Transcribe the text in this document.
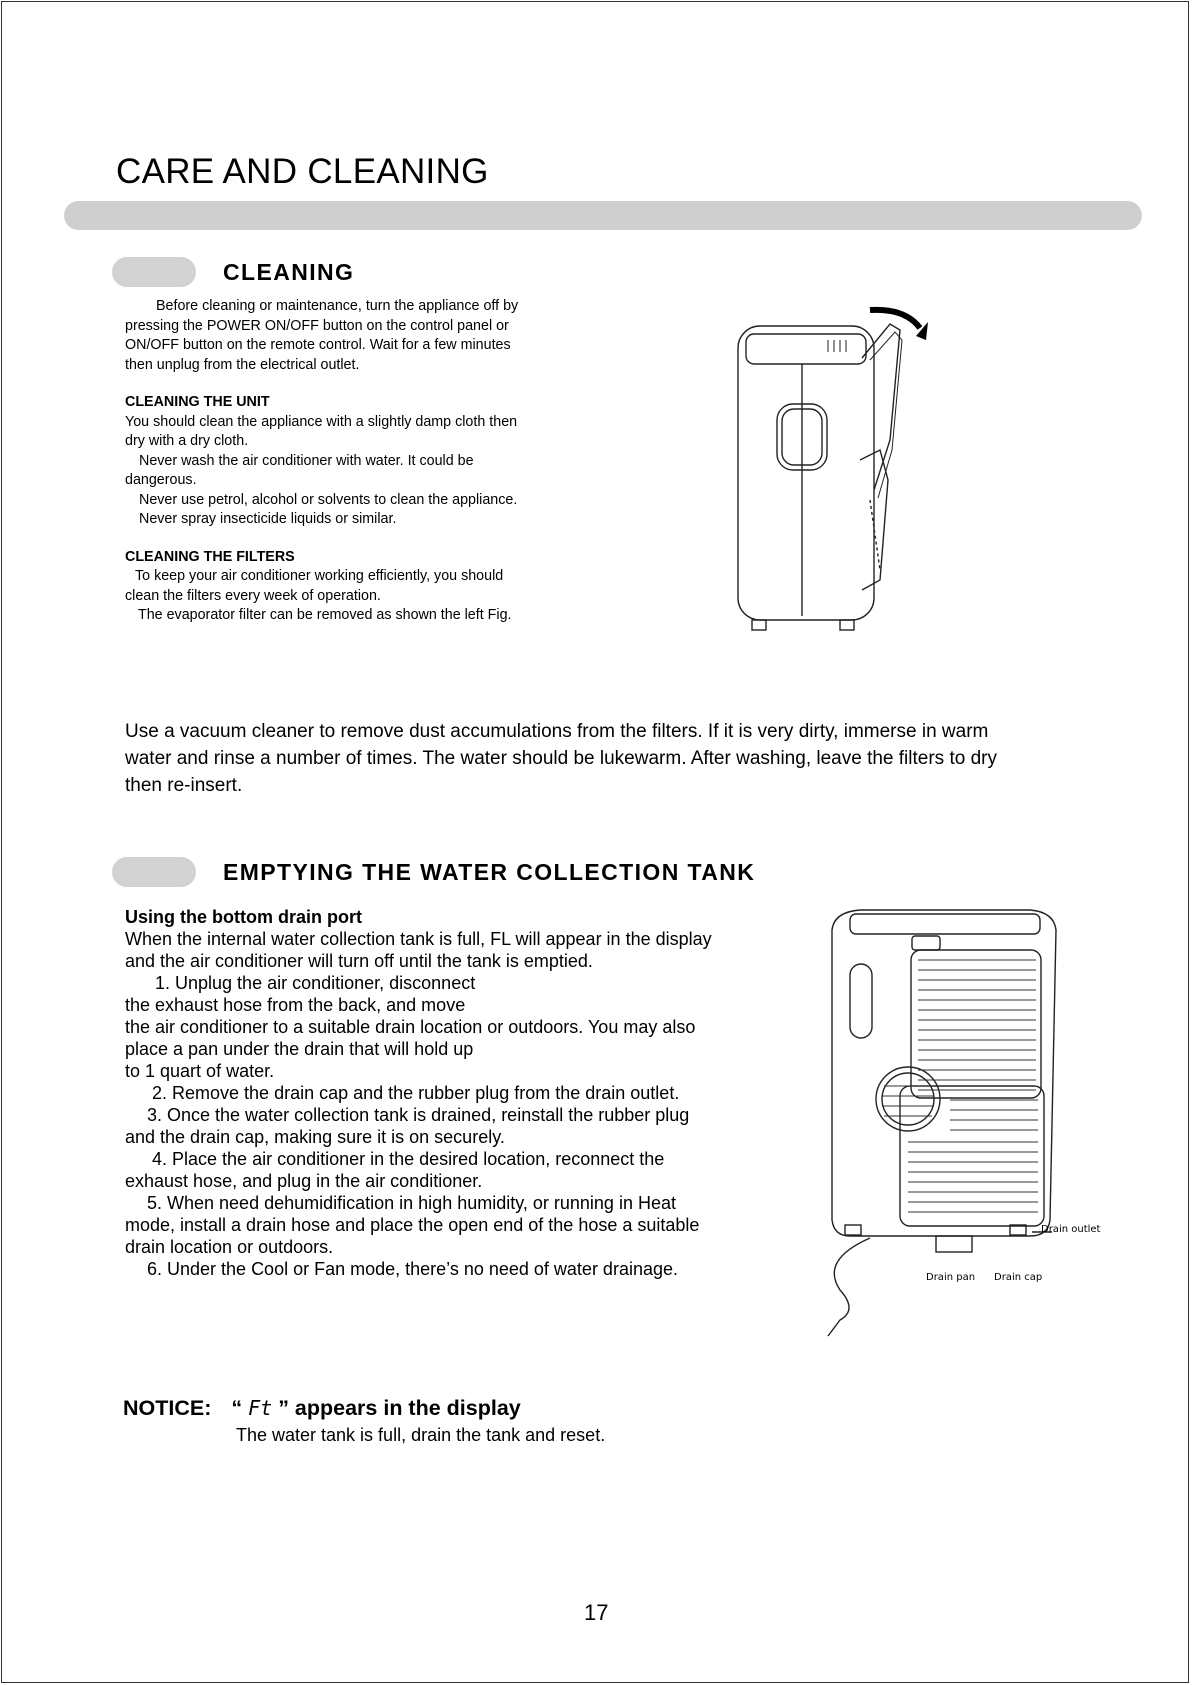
CARE AND CLEANING
CLEANING

Before cleaning or maintenance, turn the appliance off by

pressing the POWER ON/OFF button on the control panel or

ON/OFF button on the remote control. Wait for a few minutes

then unplug from the electrical outlet.

CLEANING THE UNIT

You should clean the appliance with a slightly damp cloth then

dry with a dry cloth.

Never wash the air conditioner with water. It could be

dangerous.

Never use petrol, alcohol or solvents to clean the appliance.

Never spray insecticide liquids or similar.

CLEANING THE FILTERS

To keep your air conditioner working efficiently, you should

clean the filters every week of operation.

The evaporator filter can be removed as shown the left Fig.

Use a vacuum cleaner to remove dust accumulations from the filters. If it is very dirty, immerse in warm
water and rinse a number of times. The water should be lukewarm. After washing, leave the filters to dry
then re-insert.
EMPTYING THE WATER COLLECTION TANK

Using the bottom drain port

When the internal water collection tank is full, FL will appear in the display

and the air conditioner will turn off until the tank is emptied.

1. Unplug the air conditioner, disconnect

the exhaust hose from the back, and move

the air conditioner to a suitable drain location or outdoors. You may also

place a pan under the drain that will hold up

to 1 quart of water.

2. Remove the drain cap and the rubber plug from the drain outlet.

3. Once the water collection tank is drained, reinstall the rubber plug

and the drain cap, making sure it is on securely.

4. Place the air conditioner in the desired location, reconnect the

exhaust hose, and plug in the air conditioner.

5. When need dehumidification in high humidity, or running in Heat

mode, install a drain hose and place the open end of the hose a suitable

drain location or outdoors.

6. Under the Cool or Fan mode, there’s no need of water drainage.

Drain outlet
Drain pan Drain cap
NOTICE: “ Ft ” appears in the display
The water tank is full, drain the tank and reset.
17
